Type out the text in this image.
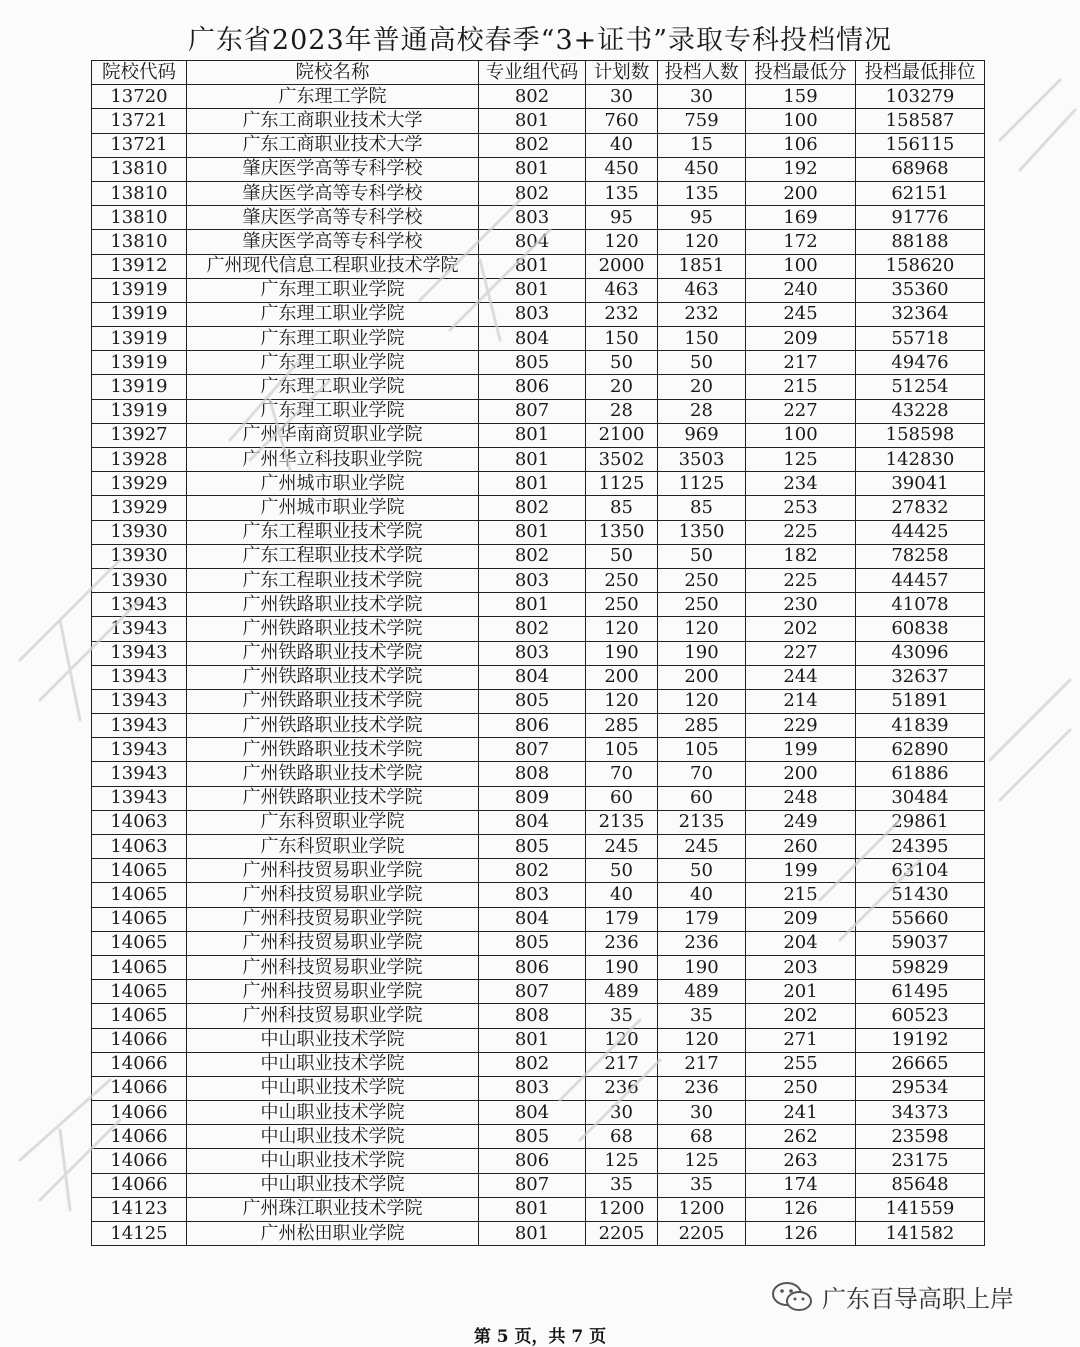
广东省2023年普通高校春季“3+证书”录取专科投档情况
院校代码	院校名称	专业组代码	计划数	投档人数	投档最低分	投档最低排位
13720	广东理工学院	802	30	30	159	103279
13721	广东工商职业技术大学	801	760	759	100	158587
13721	广东工商职业技术大学	802	40	15	106	156115
13810	肇庆医学高等专科学校	801	450	450	192	68968
13810	肇庆医学高等专科学校	802	135	135	200	62151
13810	肇庆医学高等专科学校	803	95	95	169	91776
13810	肇庆医学高等专科学校	804	120	120	172	88188
13912	广州现代信息工程职业技术学院	801	2000	1851	100	158620
13919	广东理工职业学院	801	463	463	240	35360
13919	广东理工职业学院	803	232	232	245	32364
13919	广东理工职业学院	804	150	150	209	55718
13919	广东理工职业学院	805	50	50	217	49476
13919	广东理工职业学院	806	20	20	215	51254
13919	广东理工职业学院	807	28	28	227	43228
13927	广州华南商贸职业学院	801	2100	969	100	158598
13928	广州华立科技职业学院	801	3502	3503	125	142830
13929	广州城市职业学院	801	1125	1125	234	39041
13929	广州城市职业学院	802	85	85	253	27832
13930	广东工程职业技术学院	801	1350	1350	225	44425
13930	广东工程职业技术学院	802	50	50	182	78258
13930	广东工程职业技术学院	803	250	250	225	44457
13943	广州铁路职业技术学院	801	250	250	230	41078
13943	广州铁路职业技术学院	802	120	120	202	60838
13943	广州铁路职业技术学院	803	190	190	227	43096
13943	广州铁路职业技术学院	804	200	200	244	32637
13943	广州铁路职业技术学院	805	120	120	214	51891
13943	广州铁路职业技术学院	806	285	285	229	41839
13943	广州铁路职业技术学院	807	105	105	199	62890
13943	广州铁路职业技术学院	808	70	70	200	61886
13943	广州铁路职业技术学院	809	60	60	248	30484
14063	广东科贸职业学院	804	2135	2135	249	29861
14063	广东科贸职业学院	805	245	245	260	24395
14065	广州科技贸易职业学院	802	50	50	199	63104
14065	广州科技贸易职业学院	803	40	40	215	51430
14065	广州科技贸易职业学院	804	179	179	209	55660
14065	广州科技贸易职业学院	805	236	236	204	59037
14065	广州科技贸易职业学院	806	190	190	203	59829
14065	广州科技贸易职业学院	807	489	489	201	61495
14065	广州科技贸易职业学院	808	35	35	202	60523
14066	中山职业技术学院	801	120	120	271	19192
14066	中山职业技术学院	802	217	217	255	26665
14066	中山职业技术学院	803	236	236	250	29534
14066	中山职业技术学院	804	30	30	241	34373
14066	中山职业技术学院	805	68	68	262	23598
14066	中山职业技术学院	806	125	125	263	23175
14066	中山职业技术学院	807	35	35	174	85648
14123	广州珠江职业技术学院	801	1200	1200	126	141559
14125	广州松田职业学院	801	2205	2205	126	141582
广东百导高职上岸
第 5 页，共 7 页
